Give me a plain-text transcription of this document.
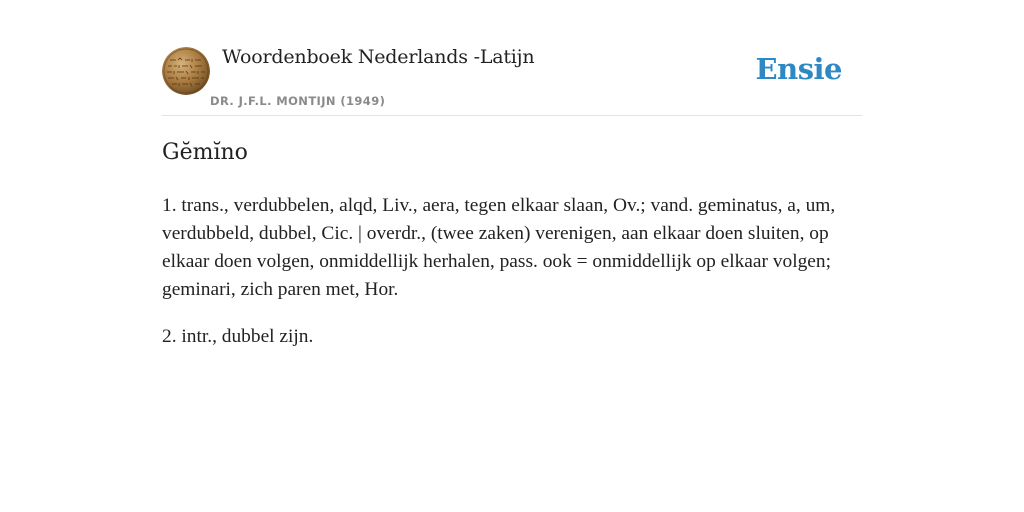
Woordenboek Nederlands -Latijn
DR. J.F.L. MONTIJN (1949)
Ensie
Gĕmĭno

1. trans., verdubbelen, alqd, Liv., aera, tegen elkaar slaan, Ov.; vand. geminatus, a, um, verdubbeld, dubbel, Cic. | overdr., (twee zaken) verenigen, aan elkaar doen sluiten, op elkaar doen volgen, onmiddellijk herhalen, pass. ook = onmiddellijk op elkaar volgen; geminari, zich paren met, Hor.

2. intr., dubbel zijn.
